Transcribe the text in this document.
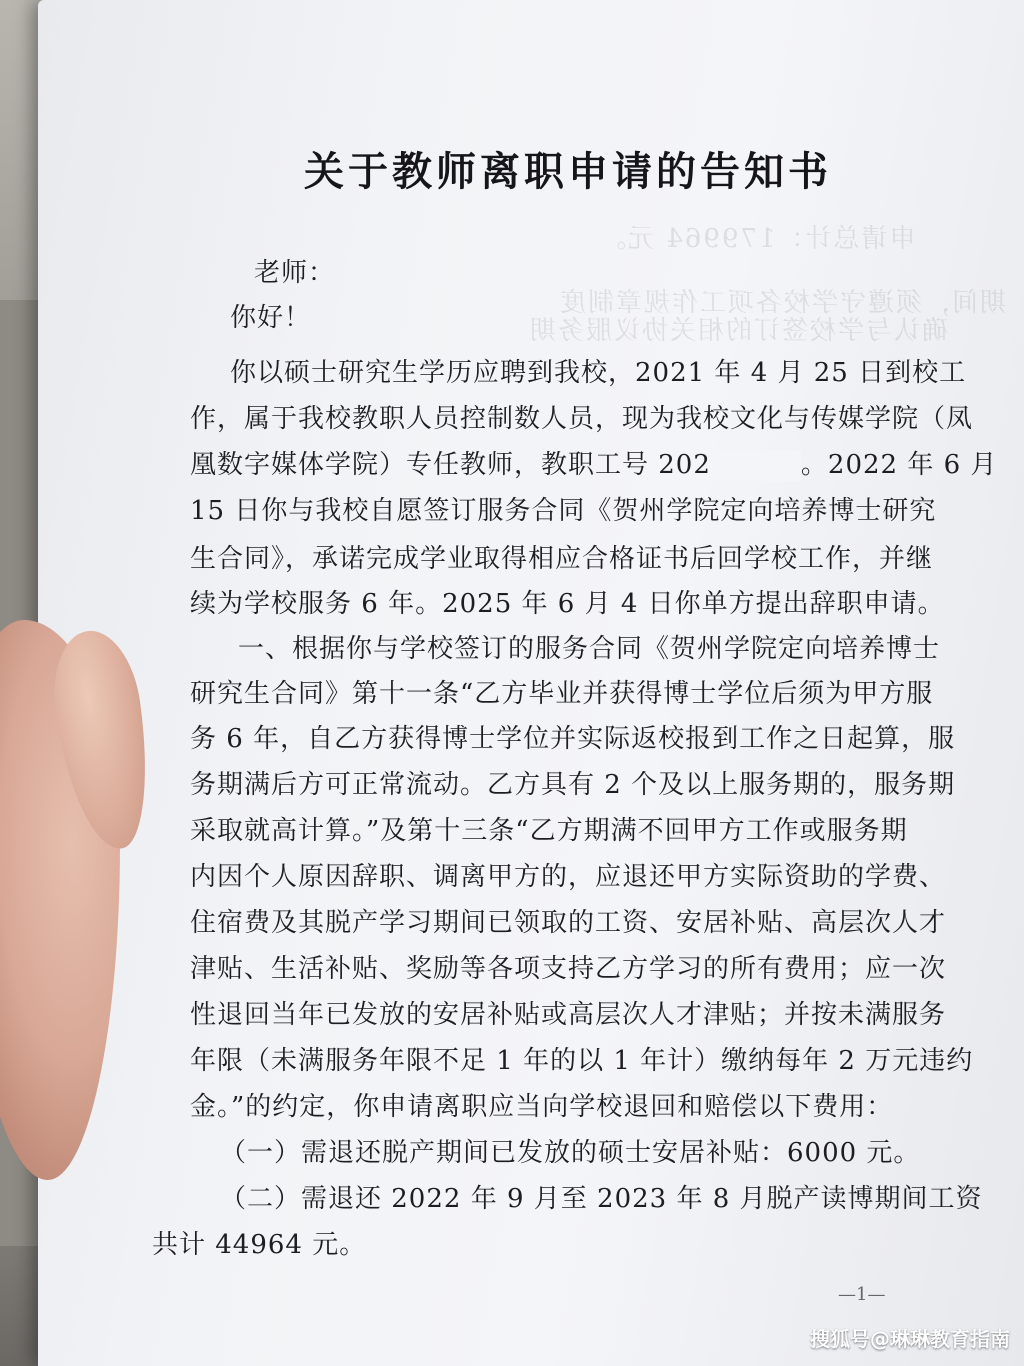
申请总计：179964 元。
期间，须遵守学校各项工作规章制度
确认与学校签订的相关协议服务期
关于教师离职申请的告知书
老师：
你好！
你以硕士研究生学历应聘到我校，2021 年 4 月 25 日到校工
作，属于我校教职人员控制数人员，现为我校文化与传媒学院（凤
凰数字媒体学院）专任教师，教职工号 202	。2022 年 6 月
15 日你与我校自愿签订服务合同《贺州学院定向培养博士研究
生合同》，承诺完成学业取得相应合格证书后回学校工作，并继
续为学校服务 6 年。2025 年 6 月 4 日你单方提出辞职申请。
一、根据你与学校签订的服务合同《贺州学院定向培养博士
研究生合同》第十一条“乙方毕业并获得博士学位后须为甲方服
务 6 年，自乙方获得博士学位并实际返校报到工作之日起算，服
务期满后方可正常流动。乙方具有 2 个及以上服务期的，服务期
采取就高计算。”及第十三条“乙方期满不回甲方工作或服务期
内因个人原因辞职、调离甲方的，应退还甲方实际资助的学费、
住宿费及其脱产学习期间已领取的工资、安居补贴、高层次人才
津贴、生活补贴、奖励等各项支持乙方学习的所有费用；应一次
性退回当年已发放的安居补贴或高层次人才津贴；并按未满服务
年限（未满服务年限不足 1 年的以 1 年计）缴纳每年 2 万元违约
金。”的约定，你申请离职应当向学校退回和赔偿以下费用：
（一）需退还脱产期间已发放的硕士安居补贴：6000 元。
（二）需退还 2022 年 9 月至 2023 年 8 月脱产读博期间工资
共计 44964 元。
—1—
搜狐号@琳琳教育指南
